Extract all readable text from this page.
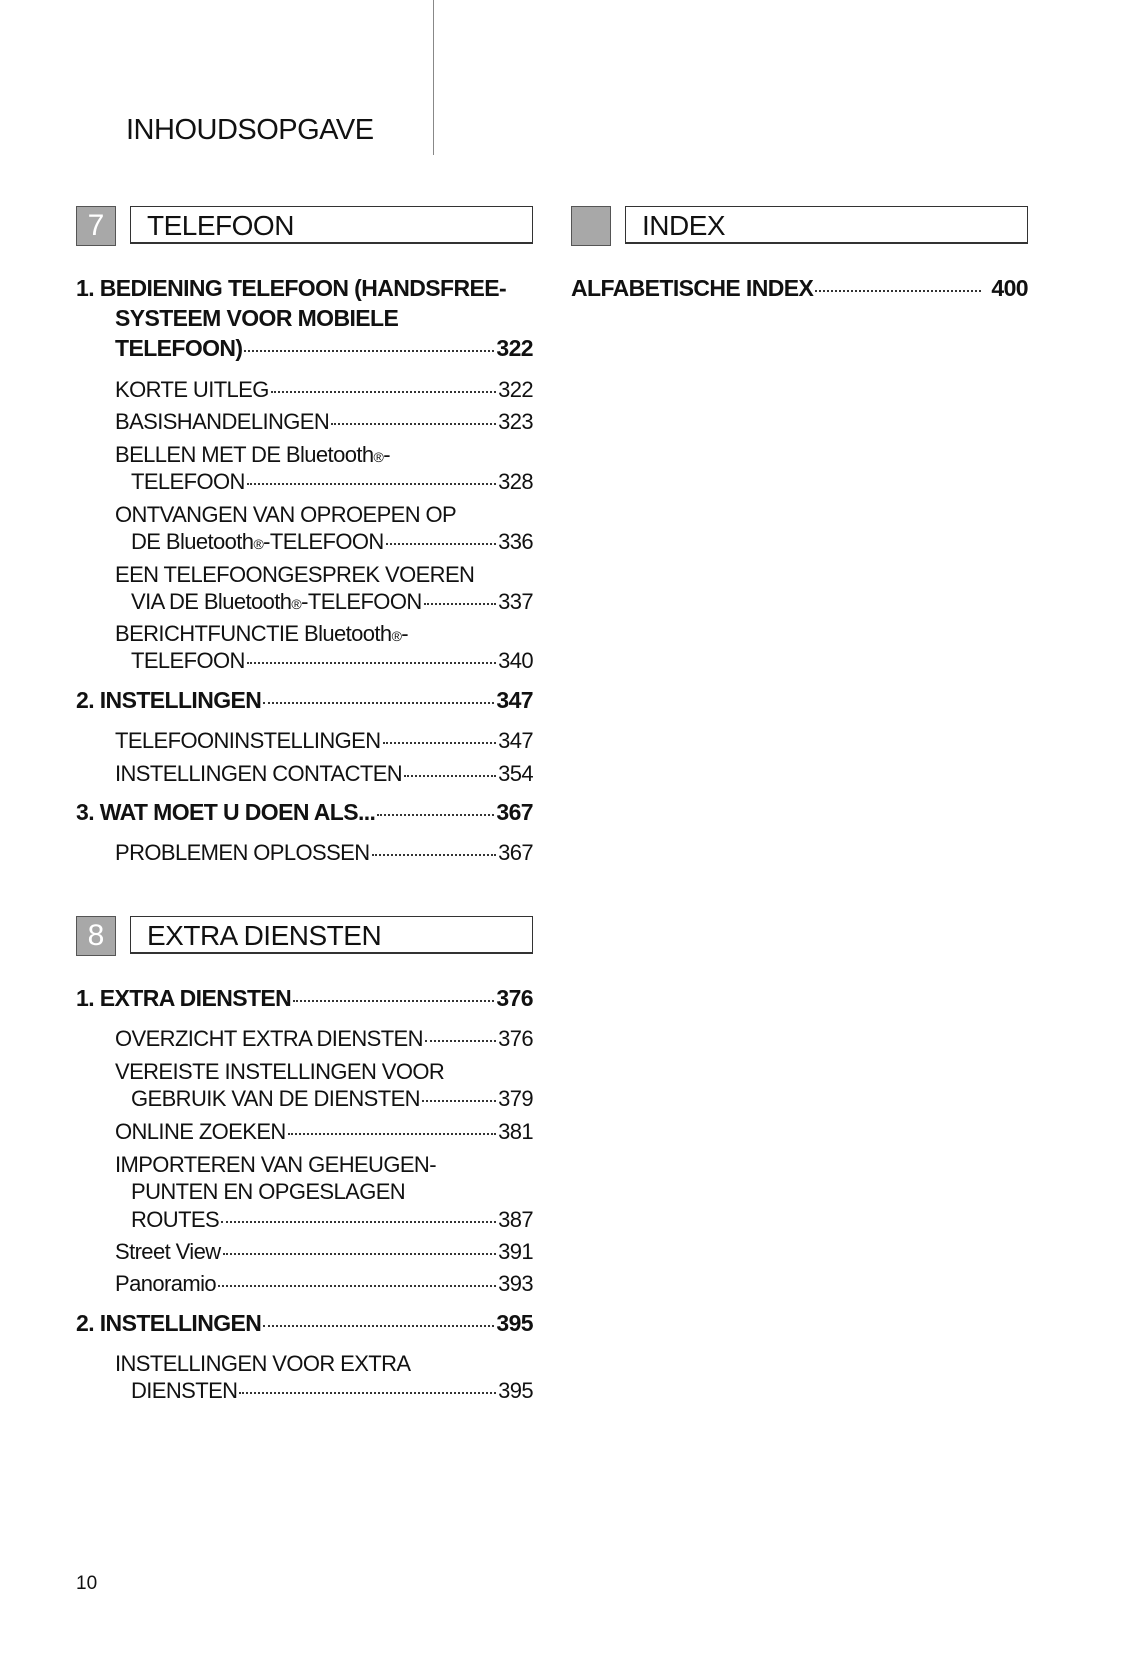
INHOUDSOPGAVE
7	TELEFOON
1. BEDIENING TELEFOON (HANDSFREE-
SYSTEEM VOOR MOBIELE
TELEFOON)	322
KORTE UITLEG	322
BASISHANDELINGEN	323
BELLEN MET DE Bluetooth ® -
TELEFOON	328
ONTVANGEN VAN OPROEPEN OP
DE Bluetooth ® -TELEFOON	336
EEN TELEFOONGESPREK VOEREN
VIA DE Bluetooth ® -TELEFOON	337
BERICHTFUNCTIE Bluetooth ® -
TELEFOON	340
2. INSTELLINGEN	347
TELEFOONINSTELLINGEN	347
INSTELLINGEN CONTACTEN	354
3. WAT MOET U DOEN ALS...	367
PROBLEMEN OPLOSSEN	367
8	EXTRA DIENSTEN
1. EXTRA DIENSTEN	376
OVERZICHT EXTRA DIENSTEN	376
VEREISTE INSTELLINGEN VOOR
GEBRUIK VAN DE DIENSTEN	379
ONLINE ZOEKEN	381
IMPORTEREN VAN GEHEUGEN-
PUNTEN EN OPGESLAGEN
ROUTES	387
Street View	391
Panoramio	393
2. INSTELLINGEN	395
INSTELLINGEN VOOR EXTRA
DIENSTEN	395
INDEX
ALFABETISCHE INDEX	400
10
